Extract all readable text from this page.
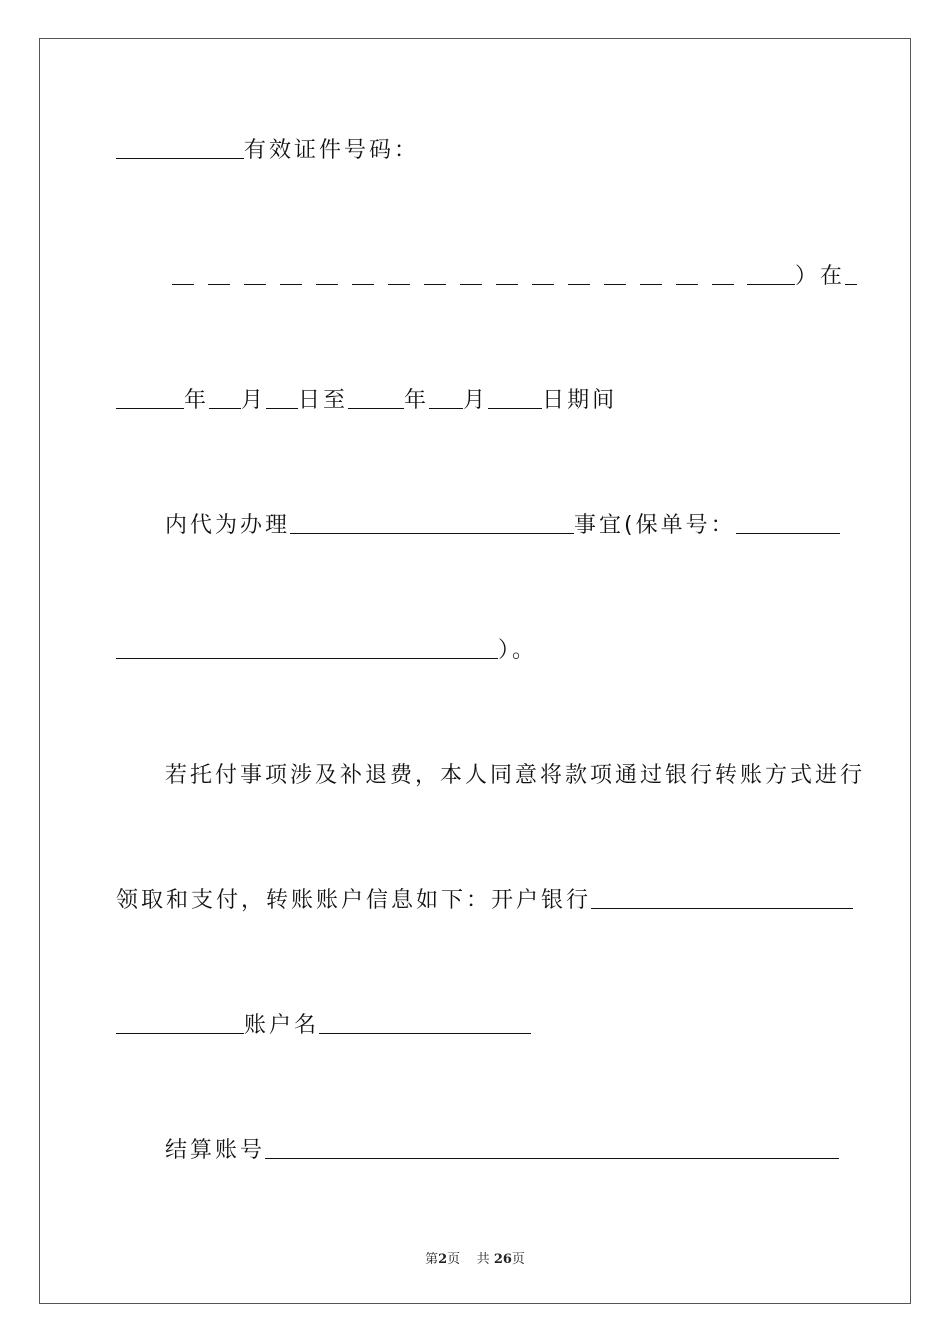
有效证件号码：
）在
年 月 日至	年 月 日期间
内代为办理	事宜(保单号：
）。
若托付事项涉及补退费，本人同意将款项通过银行转账方式进行
领取和支付，转账账户信息如下：开户银行
账户名
结算账号
第2页 共 26页
